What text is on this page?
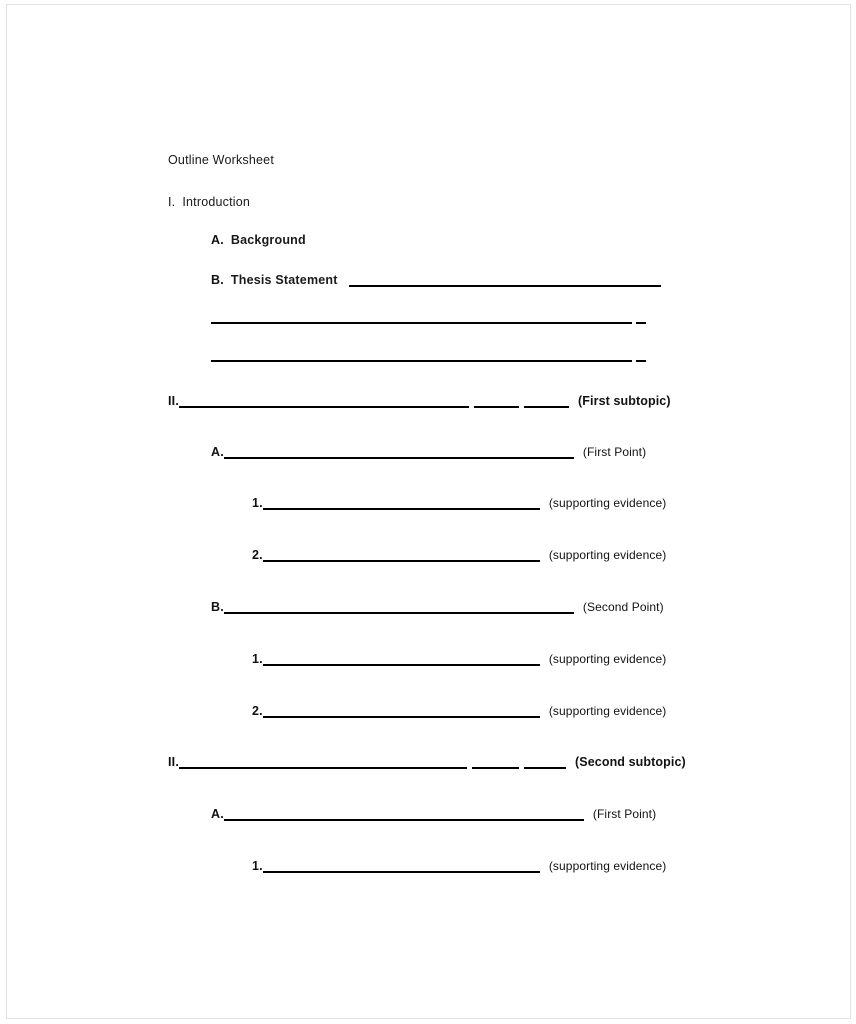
Outline Worksheet
I. Introduction
A. Background
B. Thesis Statement
II.	(First subtopic)
A.	(First Point)
1.	(supporting evidence)
2.	(supporting evidence)
B.	(Second Point)
1.	(supporting evidence)
2.	(supporting evidence)
II.	(Second subtopic)
A.	(First Point)
1.	(supporting evidence)
